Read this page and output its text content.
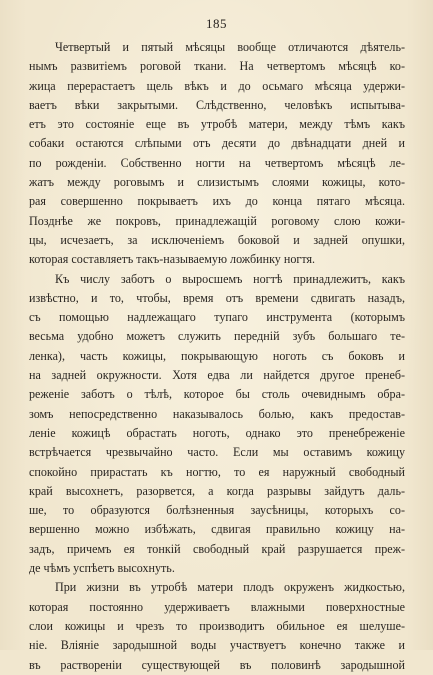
185
Четвертый и пятый мѣсяцы вообще отличаются дѣятель-
нымъ развитіемъ роговой ткани. На четвертомъ мѣсяцѣ ко-
жица перерастаетъ щель вѣкъ и до осьмаго мѣсяца удержи-
ваетъ вѣки закрытыми. Слѣдственно, человѣкъ испытыва-
етъ это состояніе еще въ утробѣ матери, между тѣмъ какъ
собаки остаются слѣпыми отъ десяти до двѣнадцати дней и
по рожденіи. Собственно ногти на четвертомъ мѣсяцѣ ле-
жатъ между роговымъ и слизистымъ слоями кожицы, кото-
рая совершенно покрываетъ ихъ до конца пятаго мѣсяца.
Позднѣе же покровъ, принадлежащій роговому слою кожи-
цы, исчезаетъ, за исключеніемъ боковой и задней опушки,
которая составляетъ такъ-называемую ложбинку ногтя.
Къ числу заботъ о выросшемъ ногтѣ принадлежитъ, какъ
извѣстно, и то, чтобы, время отъ времени сдвигать назадъ,
съ помощью надлежащаго тупаго инструмента (которымъ
весьма удобно можетъ служить передній зубъ большаго те-
ленка), часть кожицы, покрывающую ноготь съ боковъ и
на задней окружности. Хотя едва ли найдется другое пренеб-
реженіе заботъ о тѣлѣ, которое бы столь очевиднымъ обра-
зомъ непосредственно наказывалось болью, какъ предостав-
леніе кожицѣ обрастать ноготь, однако это пренебреженіе
встрѣчается чрезвычайно часто. Если мы оставимъ кожицу
спокойно прирастать къ ногтю, то ея наружный свободный
край высохнетъ, разорвется, а когда разрывы зайдутъ даль-
ше, то образуются болѣзненныя заусѣницы, которыхъ со-
вершенно можно избѣжать, сдвигая правильно кожицу на-
задъ, причемъ ея тонкій свободный край разрушается преж-
де чѣмъ успѣетъ высохнуть.
При жизни въ утробѣ матери плодъ окруженъ жидкостью,
которая постоянно удерживаетъ влажными поверхностные
слои кожицы и чрезъ то производитъ обильное ея шелуше-
ніе. Вліяніе зародышной воды участвуетъ конечно также и
въ раствореніи существующей въ половинѣ зародышной
